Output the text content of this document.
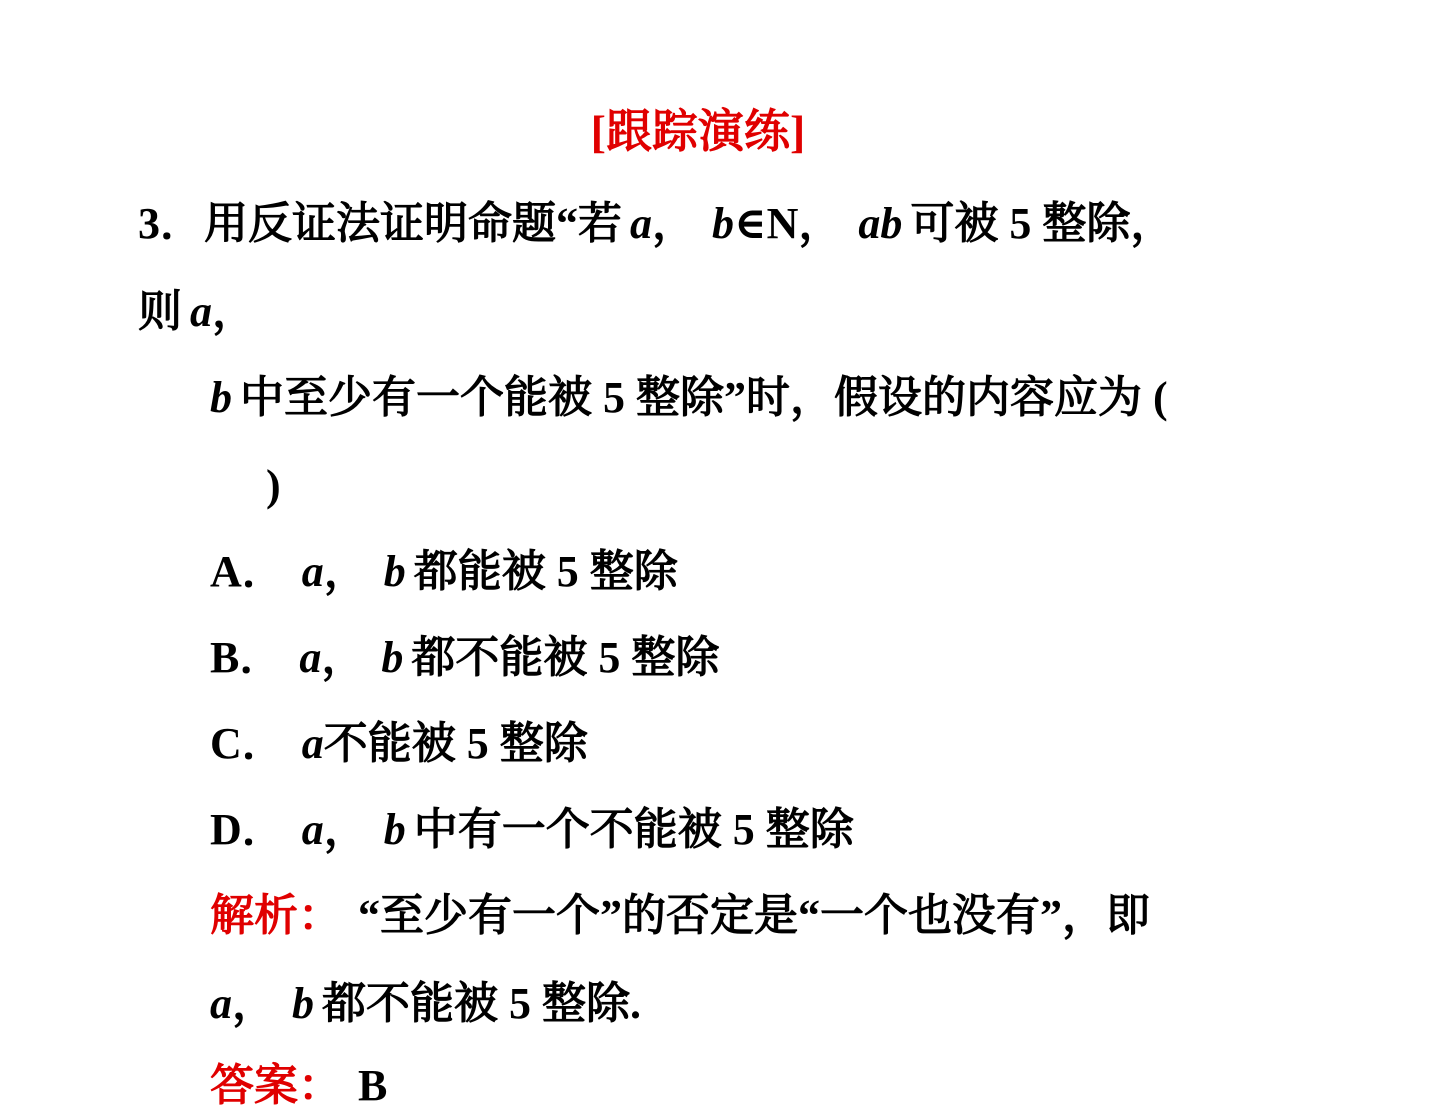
[跟踪演练]
3．用反证法证明命题“若 a， b∈N， ab 可被 5 整除，
则 a，
b 中至少有一个能被 5 整除”时，假设的内容应为 (
)
A． a， b 都能被 5 整除
B． a， b 都不能被 5 整除
C． a不能被 5 整除
D． a， b 中有一个不能被 5 整除
解析： “至少有一个”的否定是“一个也没有”，即
a， b 都不能被 5 整除.
答案： B
